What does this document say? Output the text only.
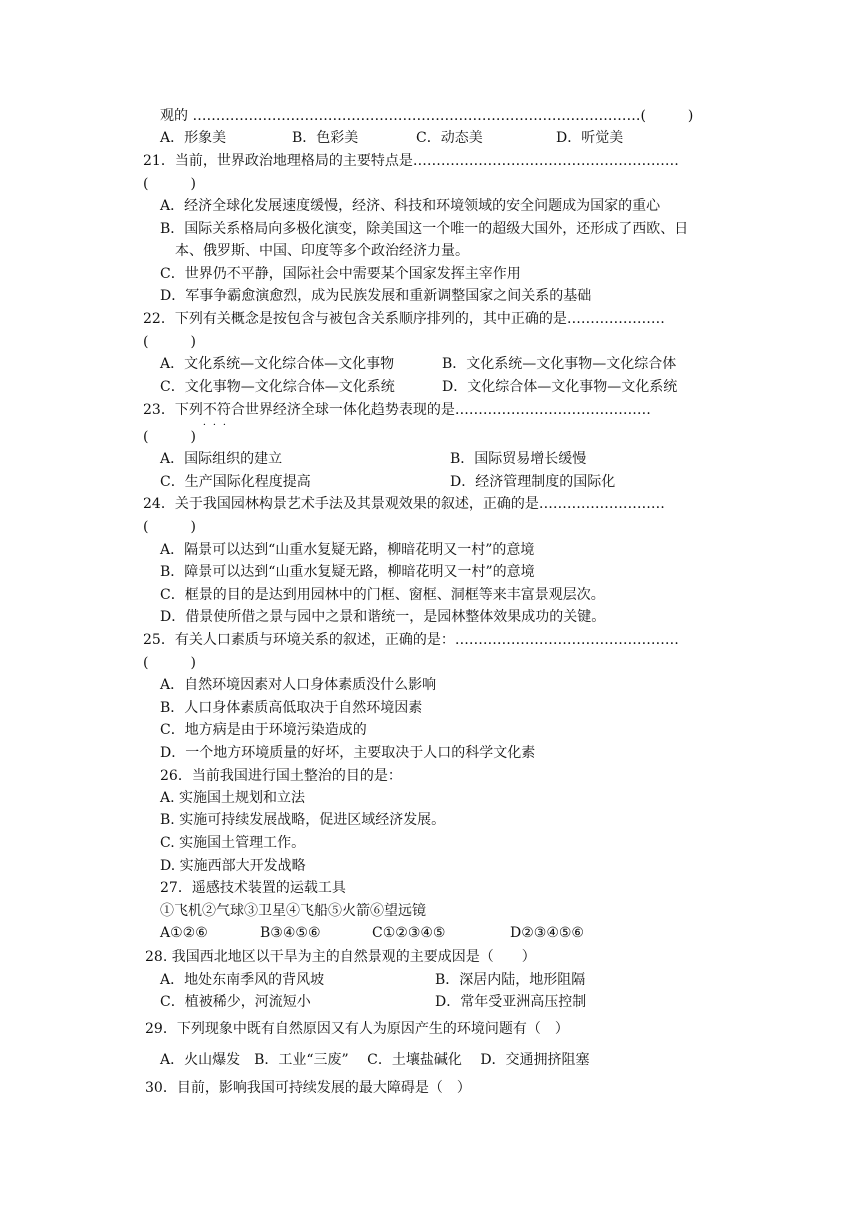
观的 ……………………………………………………………………………………(　　　)
A．形象美	B．色彩美	C．动态美	D．听觉美
21．当前，世界政治地理格局的主要特点是…………………………………………………
(　　　)
A．经济全球化发展速度缓慢，经济、科技和环境领域的安全问题成为国家的重心
B．国际关系格局向多极化演变，除美国这一个唯一的超级大国外，还形成了西欧、日
本、俄罗斯、中国、印度等多个政治经济力量。
C．世界仍不平静，国际社会中需要某个国家发挥主宰作用
D．军事争霸愈演愈烈，成为民族发展和重新调整国家之间关系的基础
22．下列有关概念是按包含与被包含关系顺序排列的，其中正确的是…………………
(　　　)
A．文化系统—文化综合体—文化事物	B．文化系统—文化事物—文化综合体
C．文化事物—文化综合体—文化系统	D．文化综合体—文化事物—文化系统
23．下列不符合 ．．．世界经济全球一体化趋势表现的是……………………………………
(　　　)
A．国际组织的建立	B．国际贸易增长缓慢
C．生产国际化程度提高	D．经济管理制度的国际化
24．关于我国园林构景艺术手法及其景观效果的叙述，正确的是………………………
(　　　)
A．隔景可以达到“山重水复疑无路，柳暗花明又一村”的意境
B．障景可以达到“山重水复疑无路，柳暗花明又一村”的意境
C．框景的目的是达到用园林中的门框、窗框、洞框等来丰富景观层次。
D．借景使所借之景与园中之景和谐统一，是园林整体效果成功的关键。
25．有关人口素质与环境关系的叙述，正确的是：…………………………………………
(　　　)
A．自然环境因素对人口身体素质没什么影响
B．人口身体素质高低取决于自然环境因素
C．地方病是由于环境污染造成的
D．一个地方环境质量的好坏，主要取决于人口的科学文化素
26．当前我国进行国土整治的目的是：
A. 实施国土规划和立法
B. 实施可持续发展战略，促进区域经济发展。
C. 实施国土管理工作。
D. 实施西部大开发战略
27．遥感技术装置的运载工具
①飞机②气球③卫星④飞船⑤火箭⑥望远镜
A①②⑥	B③④⑤⑥	C①②③④⑤	D②③④⑤⑥
28. 我国西北地区以干旱为主的自然景观的主要成因是（　　）
A．地处东南季风的背风坡	B．深居内陆，地形阻隔
C．植被稀少，河流短小	D．常年受亚洲高压控制
29．下列现象中既有自然原因又有人为原因产生的环境问题有（　）
A．火山爆发　B．工业“三废”　 C．土壤盐碱化　 D．交通拥挤阻塞
30．目前，影响我国可持续发展的最大障碍是（　）
